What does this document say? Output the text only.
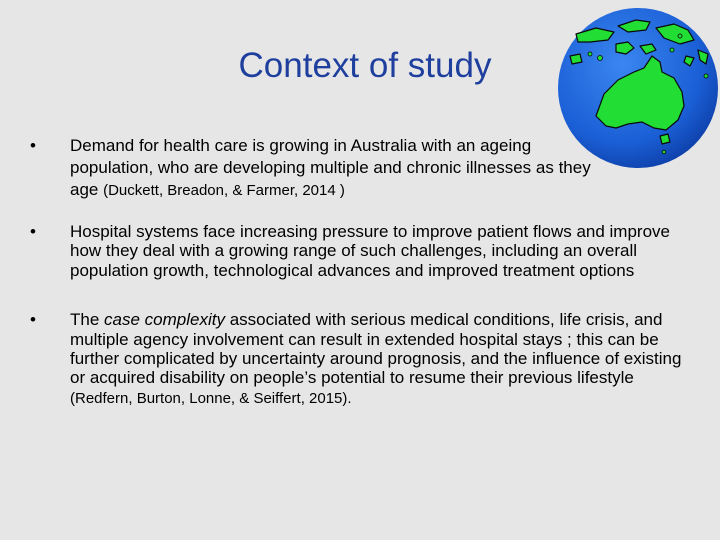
Context of study
• Demand for health care is growing in Australia with an ageing population, who are developing multiple and chronic illnesses as they age (Duckett, Breadon, & Farmer, 2014 )
• Hospital systems face increasing pressure to improve patient flows and improve how they deal with a growing range of such challenges, including an overall population growth, technological advances and improved treatment options
• The case complexity associated with serious medical conditions, life crisis, and multiple agency involvement can result in extended hospital stays ; this can be further complicated by uncertainty around prognosis, and the influence of existing or acquired disability on people’s potential to resume their previous lifestyle (Redfern, Burton, Lonne, & Seiffert, 2015).
